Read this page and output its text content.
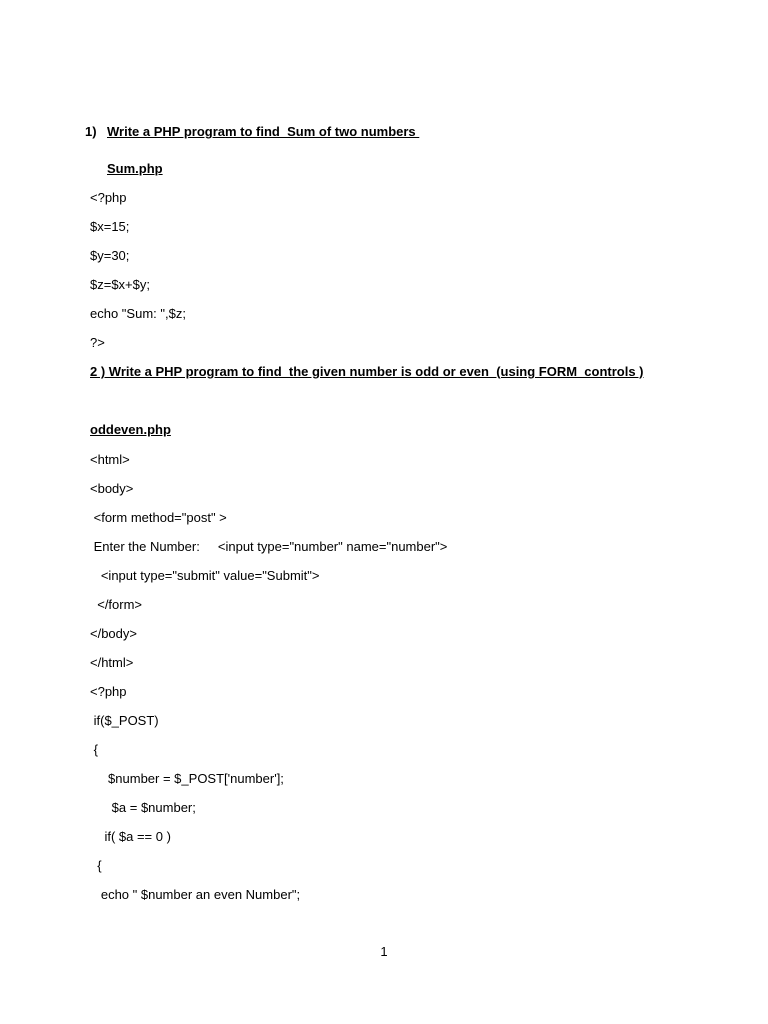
1) Write a PHP program to find  Sum of two numbers
Sum.php
<?php
$x=15;
$y=30;
$z=$x+$y;
echo "Sum: ",$z;
?>
2 ) Write a PHP program to find  the given number is odd or even  (using FORM  controls )
oddeven.php
<html>
<body>
<form method="post" >
Enter the Number:     <input type="number" name="number">
<input type="submit" value="Submit">
</form>
</body>
</html>
<?php
if($_POST)
{
$number = $_POST['number'];
$a = $number;
if( $a == 0 )
{
echo " $number an even Number";
1
